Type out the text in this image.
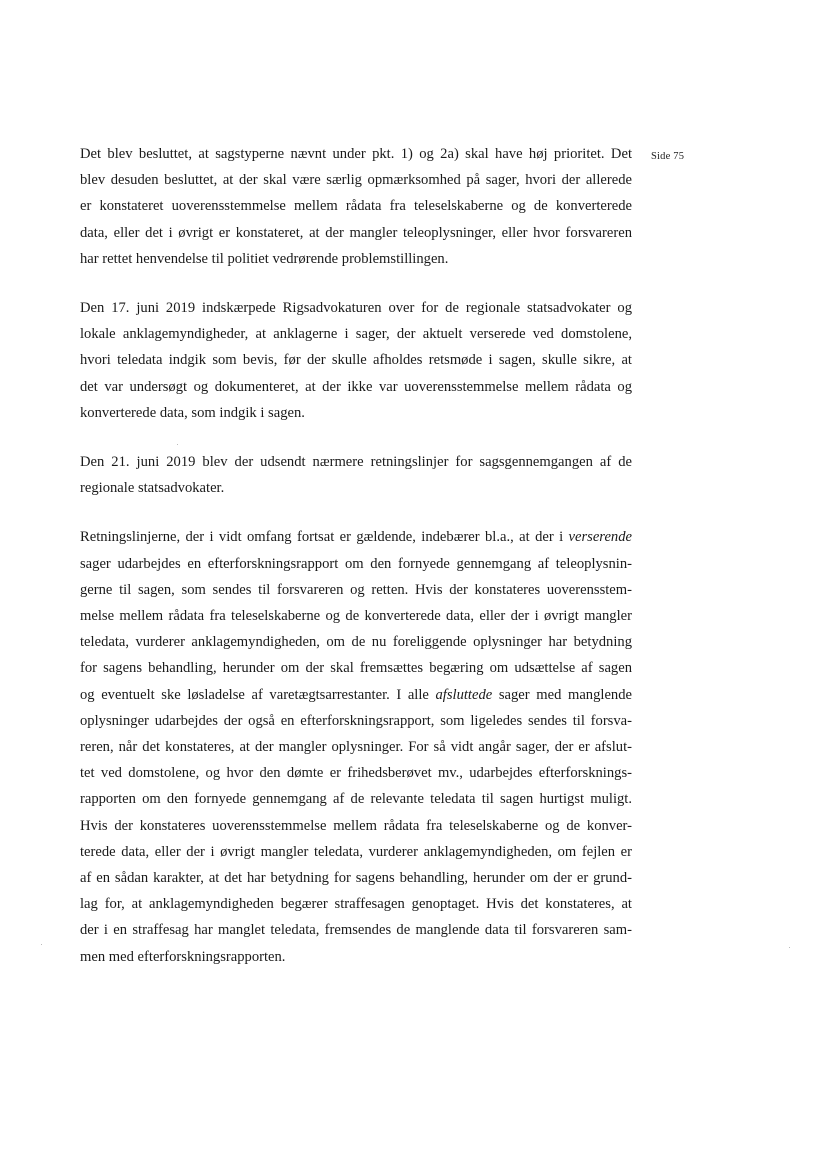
Side 75

Det blev besluttet, at sagstyperne nævnt under pkt. 1) og 2a) skal have høj prioritet. Det
blev desuden besluttet, at der skal være særlig opmærksomhed på sager, hvori der allerede
er konstateret uoverensstemmelse mellem rådata fra teleselskaberne og de konverterede
data, eller det i øvrigt er konstateret, at der mangler teleoplysninger, eller hvor forsvareren
har rettet henvendelse til politiet vedrørende problemstillingen.

Den 17. juni 2019 indskærpede Rigsadvokaturen over for de regionale statsadvokater og
lokale anklagemyndigheder, at anklagerne i sager, der aktuelt verserede ved domstolene,
hvori teledata indgik som bevis, før der skulle afholdes retsmøde i sagen, skulle sikre, at
det var undersøgt og dokumenteret, at der ikke var uoverensstemmelse mellem rådata og
konverterede data, som indgik i sagen.

Den 21. juni 2019 blev der udsendt nærmere retningslinjer for sagsgennemgangen af de
regionale statsadvokater.

Retningslinjerne, der i vidt omfang fortsat er gældende, indebærer bl.a., at der i verserende
sager udarbejdes en efterforskningsrapport om den fornyede gennemgang af teleoplysnin-
gerne til sagen, som sendes til forsvareren og retten. Hvis der konstateres uoverensstem-
melse mellem rådata fra teleselskaberne og de konverterede data, eller der i øvrigt mangler
teledata, vurderer anklagemyndigheden, om de nu foreliggende oplysninger har betydning
for sagens behandling, herunder om der skal fremsættes begæring om udsættelse af sagen
og eventuelt ske løsladelse af varetægtsarrestanter. I alle afsluttede sager med manglende
oplysninger udarbejdes der også en efterforskningsrapport, som ligeledes sendes til forsva-
reren, når det konstateres, at der mangler oplysninger. For så vidt angår sager, der er afslut-
tet ved domstolene, og hvor den dømte er frihedsberøvet mv., udarbejdes efterforsknings-
rapporten om den fornyede gennemgang af de relevante teledata til sagen hurtigst muligt.
Hvis der konstateres uoverensstemmelse mellem rådata fra teleselskaberne og de konver-
terede data, eller der i øvrigt mangler teledata, vurderer anklagemyndigheden, om fejlen er
af en sådan karakter, at det har betydning for sagens behandling, herunder om der er grund-
lag for, at anklagemyndigheden begærer straffesagen genoptaget. Hvis det konstateres, at
der i en straffesag har manglet teledata, fremsendes de manglende data til forsvareren sam-
men med efterforskningsrapporten.
